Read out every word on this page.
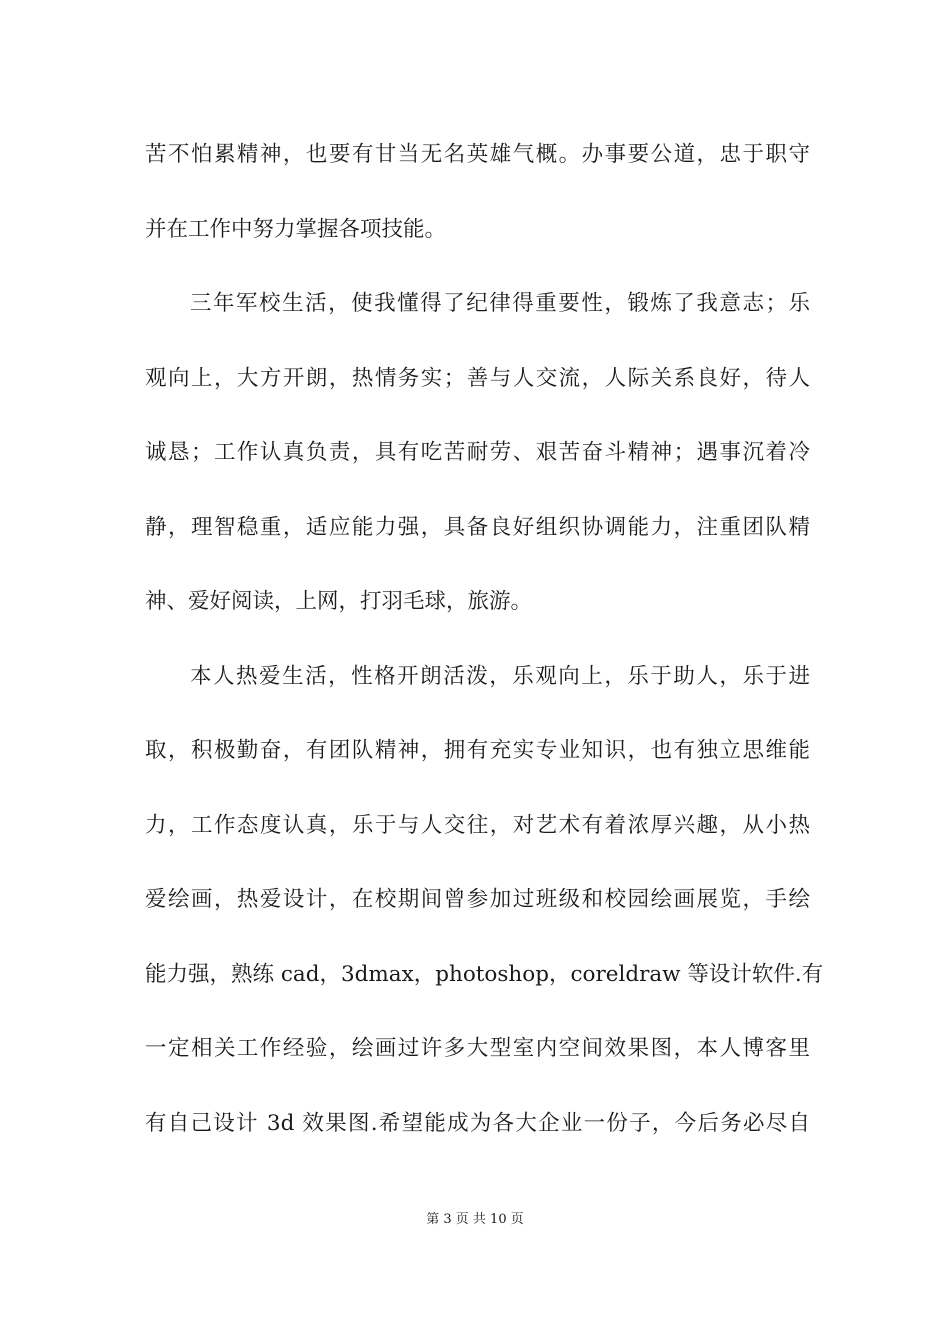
苦不怕累精神，也要有甘当无名英雄气概。办事要公道，忠于职守

并在工作中努力掌握各项技能。

三年军校生活，使我懂得了纪律得重要性，锻炼了我意志；乐

观向上，大方开朗，热情务实；善与人交流，人际关系良好，待人

诚恳；工作认真负责，具有吃苦耐劳、艰苦奋斗精神；遇事沉着冷

静，理智稳重，适应能力强，具备良好组织协调能力，注重团队精

神、爱好阅读，上网，打羽毛球，旅游。

本人热爱生活，性格开朗活泼，乐观向上，乐于助人，乐于进

取，积极勤奋，有团队精神，拥有充实专业知识，也有独立思维能

力，工作态度认真，乐于与人交往，对艺术有着浓厚兴趣，从小热

爱绘画，热爱设计，在校期间曾参加过班级和校园绘画展览，手绘

能力强，熟练 cad，3dmax，photoshop，coreldraw 等设计软件.有

一定相关工作经验，绘画过许多大型室内空间效果图，本人博客里

有自己设计 3d 效果图.希望能成为各大企业一份子，今后务必尽自

第 3 页 共 10 页
